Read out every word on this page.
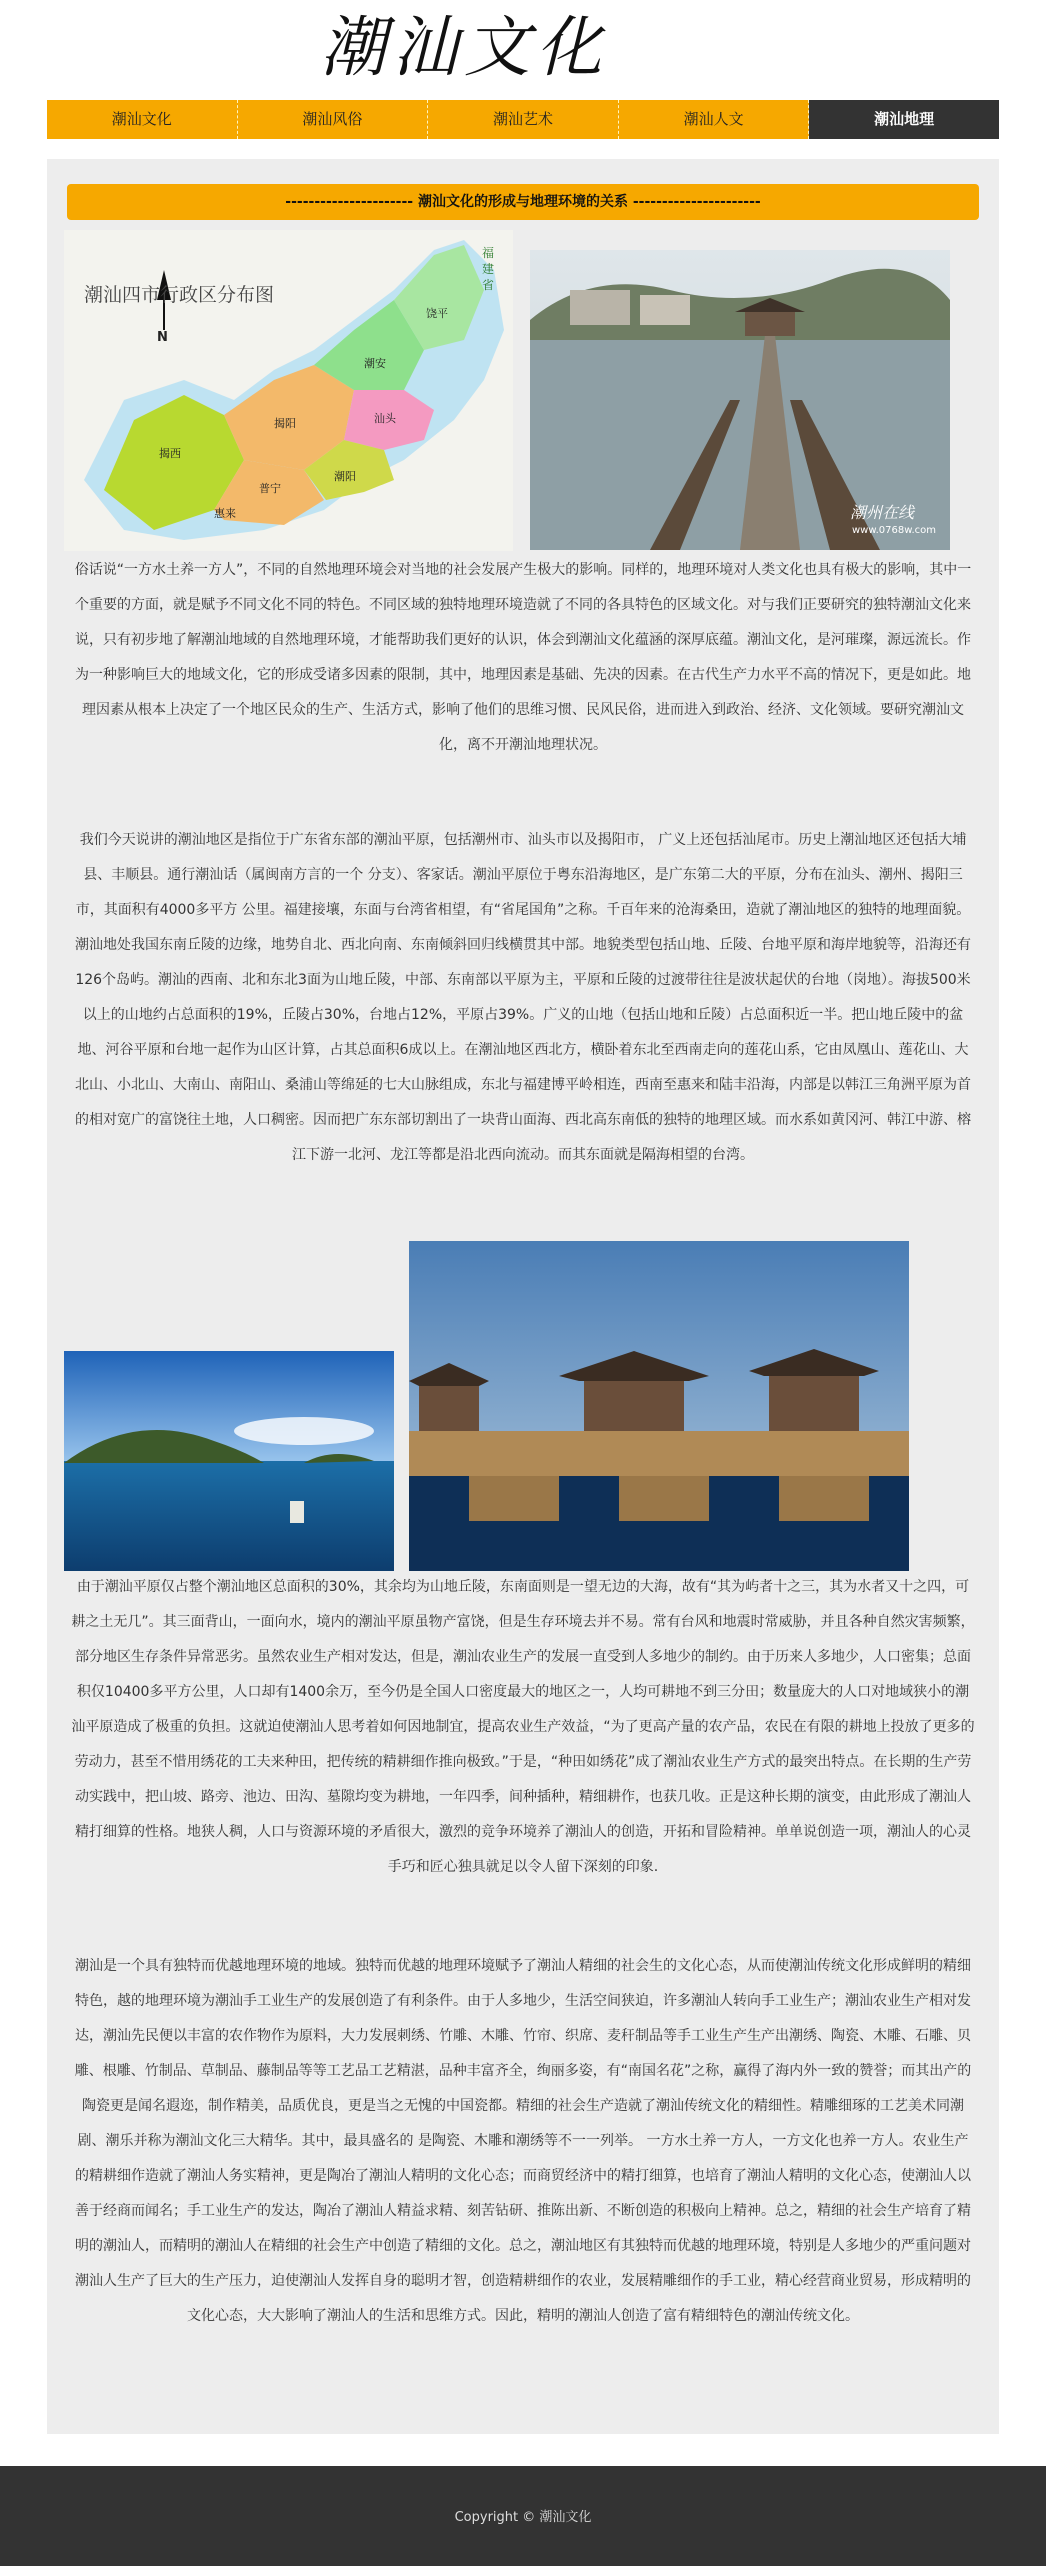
潮汕文化
潮汕文化	潮汕风俗	潮汕艺术	潮汕人文	潮汕地理
---------------------- 潮汕文化的形成与地理环境的关系 ----------------------
潮汕四市行政区分布图
N
福建省
饶平
潮安
揭西
揭阳	汕头
普宁
惠来
潮阳
潮州在线
www.0768w.com

俗话说“一方水土养一方人”，不同的自然地理环境会对当地的社会发展产生极大的影响。同样的，地理环境对人类文化也具有极大的影响，其中一个重要的方面，就是赋予不同文化不同的特色。不同区域的独特地理环境造就了不同的各具特色的区域文化。对与我们正要研究的独特潮汕文化来说，只有初步地了解潮汕地域的自然地理环境，才能帮助我们更好的认识，体会到潮汕文化蕴涵的深厚底蕴。潮汕文化，是河璀璨，源远流长。作为一种影响巨大的地域文化，它的形成受诸多因素的限制，其中，地理因素是基础、先决的因素。在古代生产力水平不高的情况下，更是如此。地理因素从根本上决定了一个地区民众的生产、生活方式，影响了他们的思维习惯、民风民俗，进而进入到政治、经济、文化领域。要研究潮汕文化，离不开潮汕地理状况。

我们今天说讲的潮汕地区是指位于广东省东部的潮汕平原，包括潮州市、汕头市以及揭阳市， 广义上还包括汕尾市。历史上潮汕地区还包括大埔县、丰顺县。通行潮汕话（属闽南方言的一个 分支）、客家话。潮汕平原位于粤东沿海地区，是广东第二大的平原，分布在汕头、潮州、揭阳三市，其面积有4000多平方 公里。福建接壤，东面与台湾省相望，有“省尾国角”之称。千百年来的沧海桑田，造就了潮汕地区的独特的地理面貌。潮汕地处我国东南丘陵的边缘，地势自北、西北向南、东南倾斜回归线横贯其中部。地貌类型包括山地、丘陵、台地平原和海岸地貌等，沿海还有126个岛屿。潮汕的西南、北和东北3面为山地丘陵，中部、东南部以平原为主，平原和丘陵的过渡带往往是波状起伏的台地（岗地）。海拔500米以上的山地约占总面积的19%，丘陵占30%，台地占12%，平原占39%。广义的山地（包括山地和丘陵）占总面积近一半。把山地丘陵中的盆地、河谷平原和台地一起作为山区计算，占其总面积6成以上。在潮汕地区西北方，横卧着东北至西南走向的莲花山系，它由凤凰山、莲花山、大北山、小北山、大南山、南阳山、桑浦山等绵延的七大山脉组成，东北与福建博平岭相连，西南至惠来和陆丰沿海，内部是以韩江三角洲平原为首的相对宽广的富饶往土地，人口稠密。因而把广东东部切割出了一块背山面海、西北高东南低的独特的地理区域。而水系如黄冈河、韩江中游、榕江下游一北河、龙江等都是沿北西向流动。而其东面就是隔海相望的台湾。

由于潮汕平原仅占整个潮汕地区总面积的30%，其余均为山地丘陵，东南面则是一望无边的大海，故有“其为屿者十之三，其为水者又十之四，可耕之土无几”。其三面背山，一面向水，境内的潮汕平原虽物产富饶，但是生存环境去并不易。常有台风和地震时常威胁，并且各种自然灾害频繁，部分地区生存条件异常恶劣。虽然农业生产相对发达，但是，潮汕农业生产的发展一直受到人多地少的制约。由于历来人多地少，人口密集；总面积仅10400多平方公里，人口却有1400余万，至今仍是全国人口密度最大的地区之一，人均可耕地不到三分田；数量庞大的人口对地域狭小的潮汕平原造成了极重的负担。这就迫使潮汕人思考着如何因地制宜，提高农业生产效益，“为了更高产量的农产品，农民在有限的耕地上投放了更多的劳动力，甚至不惜用绣花的工夫来种田，把传统的精耕细作推向极致。”于是，“种田如绣花”成了潮汕农业生产方式的最突出特点。在长期的生产劳动实践中，把山坡、路旁、池边、田沟、墓隙均变为耕地，一年四季，间种插种，精细耕作，也获几收。正是这种长期的演变，由此形成了潮汕人精打细算的性格。地狭人稠，人口与资源环境的矛盾很大，激烈的竞争环境养了潮汕人的创造，开拓和冒险精神。单单说创造一项，潮汕人的心灵手巧和匠心独具就足以令人留下深刻的印象.

潮汕是一个具有独特而优越地理环境的地域。独特而优越的地理环境赋予了潮汕人精细的社会生的文化心态，从而使潮汕传统文化形成鲜明的精细特色，越的地理环境为潮汕手工业生产的发展创造了有利条件。由于人多地少，生活空间狭迫，许多潮汕人转向手工业生产；潮汕农业生产相对发达，潮汕先民便以丰富的农作物作为原料，大力发展刺绣、竹雕、木雕、竹帘、织席、麦秆制品等手工业生产生产出潮绣、陶瓷、木雕、石雕、贝雕、根雕、竹制品、草制品、藤制品等等工艺品工艺精湛，品种丰富齐全，绚丽多姿，有“南国名花”之称，赢得了海内外一致的赞誉；而其出产的陶瓷更是闻名遐迩，制作精美，品质优良，更是当之无愧的中国瓷都。精细的社会生产造就了潮汕传统文化的精细性。精雕细琢的工艺美术同潮剧、潮乐并称为潮汕文化三大精华。其中，最具盛名的 是陶瓷、木雕和潮绣等不一一列举。 一方水土养一方人，一方文化也养一方人。农业生产的精耕细作造就了潮汕人务实精神，更是陶冶了潮汕人精明的文化心态；而商贸经济中的精打细算，也培育了潮汕人精明的文化心态，使潮汕人以善于经商而闻名；手工业生产的发达，陶冶了潮汕人精益求精、刻苦钻研、推陈出新、不断创造的积极向上精神。总之，精细的社会生产培育了精明的潮汕人，而精明的潮汕人在精细的社会生产中创造了精细的文化。总之，潮汕地区有其独特而优越的地理环境，特别是人多地少的严重问题对潮汕人生产了巨大的生产压力，迫使潮汕人发挥自身的聪明才智，创造精耕细作的农业，发展精雕细作的手工业，精心经营商业贸易，形成精明的文化心态，大大影响了潮汕人的生活和思维方式。因此，精明的潮汕人创造了富有精细特色的潮汕传统文化。

Copyright © 潮汕文化
